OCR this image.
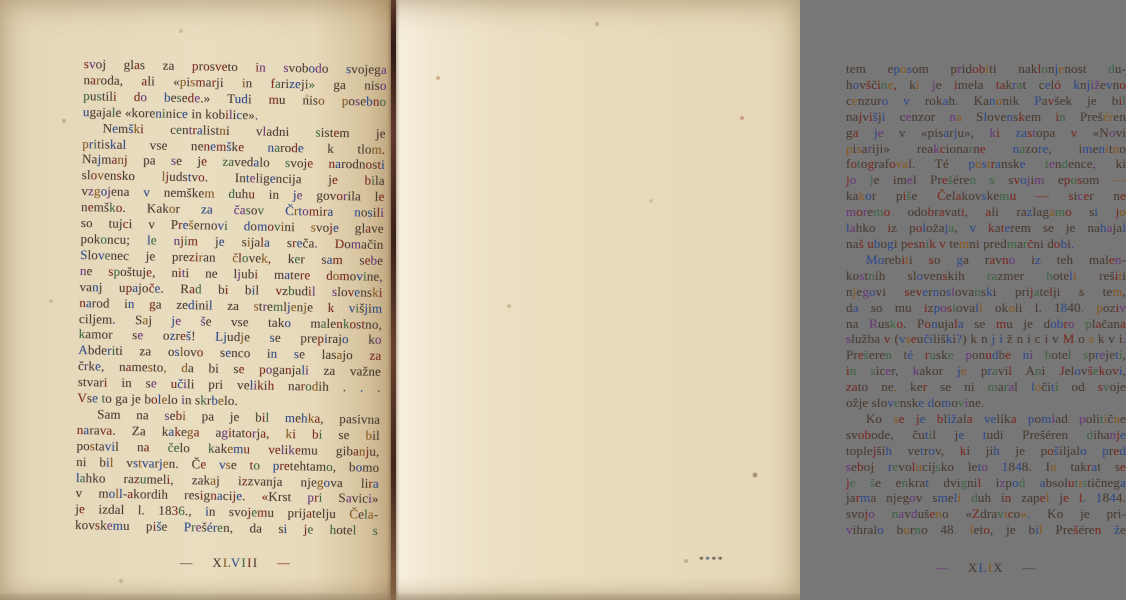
svoj glas za prosveto in svobodo svojega
naroda, ali «pismarji in farizeji» ga niso
pustili do besede.» Tudi mu niso posebno
ugajale «koreninice in kobilice».
Nemški centralistni vladni sistem je
pritiskal vse nenemške narode k tlom.
Najmanj pa se je zavedalo svoje narodnosti
slovensko ljudstvo. Inteligencija je bila
vzgojena v nemškem duhu in je govorila le
nemško. Kakor za časov Črtomira nosili
so tujci v Prešernovi domovini svoje glave
pokoncu; le njim je sijala sreča. Domačin
Slovenec je preziran človek, ker sam sebe
ne spoštuje, niti ne ljubi matere domovine,
vanj upajoče. Rad bi bil vzbudil slovenski
narod in ga zedinil za stremljenje k višjim
ciljem. Saj je še vse tako malenkostno,
kamor se ozreš! Ljudje se prepirajo ko
Abderiti za oslovo senco in se lasajo za
črke, namesto, da bi se poganjali za važne
stvari in se učili pri velikih narodih . . .
Vse to ga je bolelo in skrbelo.
Sam na sebi pa je bil mehka, pasivna
narava. Za kakega agitatorja, ki bi se bil
postavil na čelo kakemu velikemu gibanju,
ni bil vstvarjen. Če vse to pretehtamo, bomo
lahko razumeli, zakaj izzvanja njegova lira
v moll-akordih resignacije. «Krst pri Savici»
je izdal l. 1836., in svojemu prijatelju Čela-
kovskemu piše Prešéren, da si je hotel s
— XLVIII —
tem eposom pridobiti naklonjenost du-
hovščine, ki je imela takrat celó književno
cenzuro v rokah. Kanonik Pavšek je bil
najvišji cenzor na Slovenskem in Prešéren
ga je v «pisarju», ki zastopa v «Novi
pisariji» reakcionarne nazore, imenitno
fotografoval. Té postranske tendence, ki
jo je imel Prešéren s svojim eposom —
kakor piše Čelakovskemu — sicer ne
moremo odobravati, ali razlagamo si jo
lahko iz položaja, v katerem se je nahajal
naš ubogi pesnik v temni predmarčni dobi.
Morebiti so ga ravno iz teh malen-
kostnih slovenskih razmer hoteli rešiti
njegovi severnoslovanski prijatelji s tem,
da so mu izposlovali okoli l. 1840. poziv
na Rusko. Ponujala se mu je dobro plačana
služba v (vseučiliški?) k n j i ž n i c i v M o s k v i.
Prešeren té ruske ponudbe ni hotel sprejeti,
in sicer, kakor je pravil Ani Jelovšekovi,
zato ne, ker se ni maral ločiti od svoje
ožje slovenske domovine.
Ko se je bližala velika pomlad politične
svobode, čutil je tudi Prešéren dihanje
toplejših vetrov, ki jih je pošiljalo pred
seboj revolucijsko leto 1848. In takrat se
je še enkrat dvignil izpod absolutističnega
jarma njegov smeli duh in zapel je l. 1844.
svojo navdušeno «Zdravico». Ko je pri-
vihralo burno 48. leto, je bil Prešéren že
— XLIX —
****
